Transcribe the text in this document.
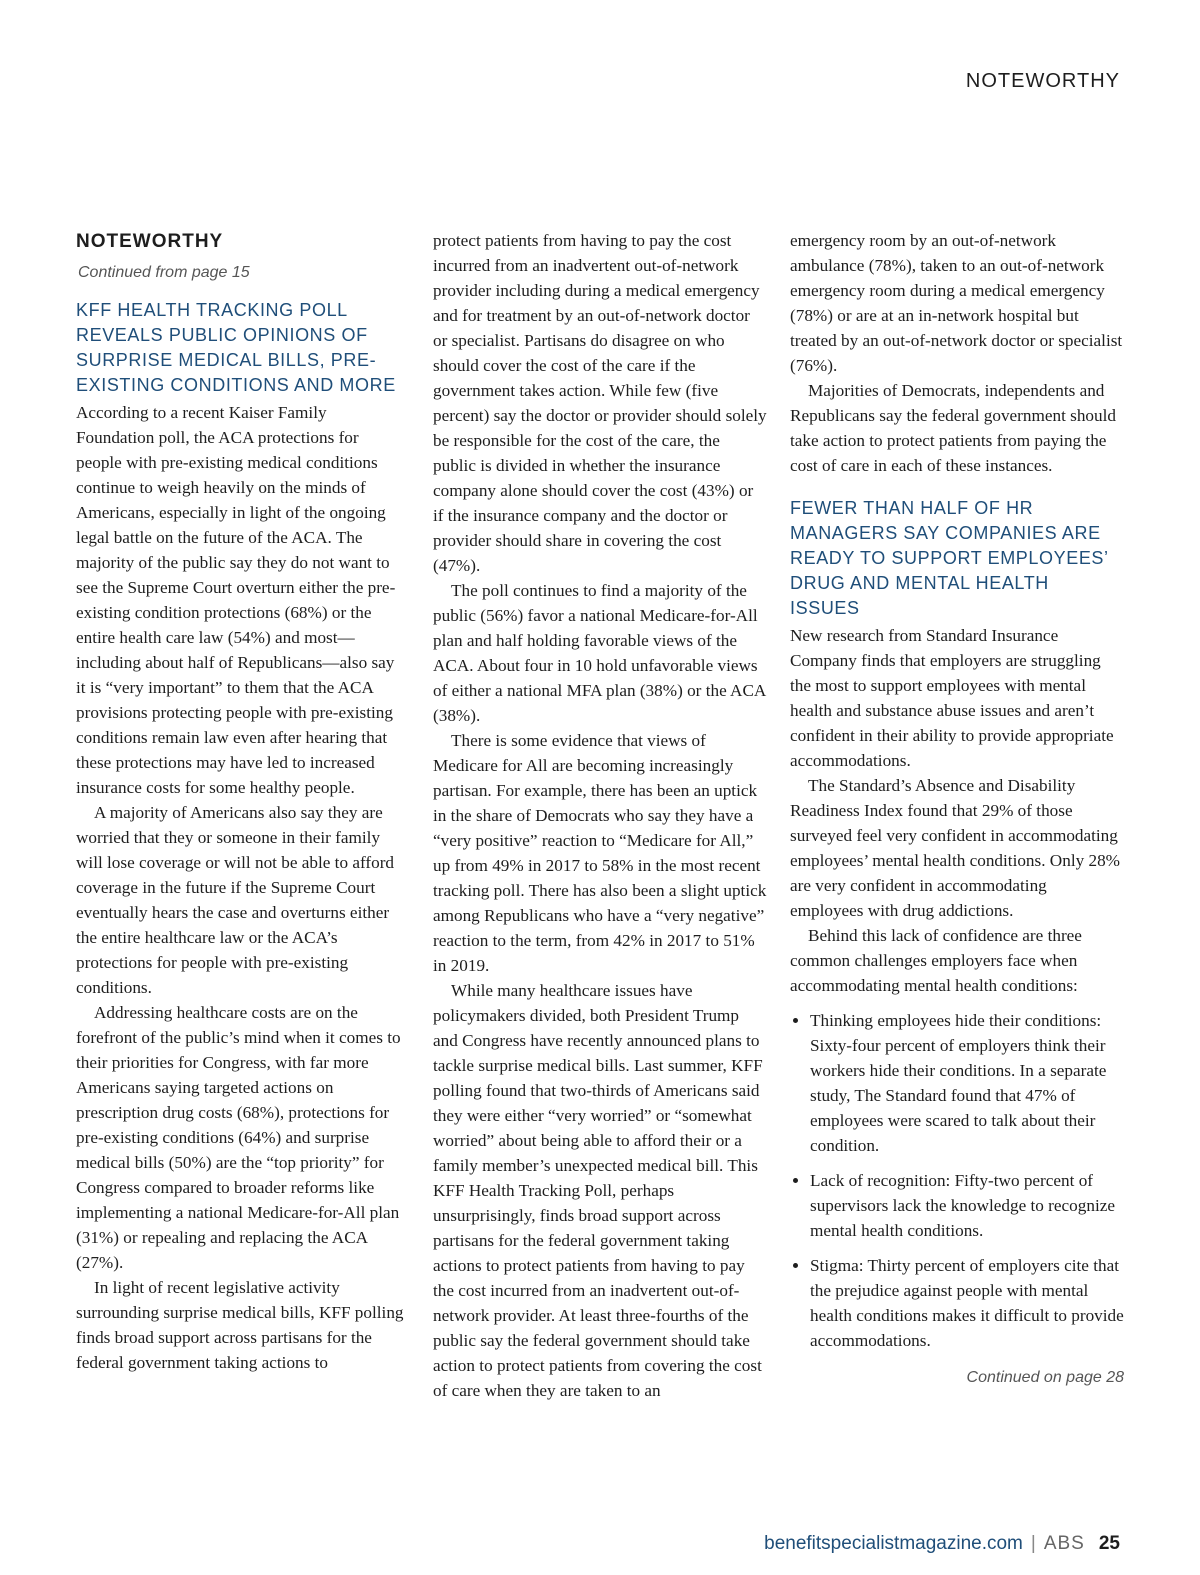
NOTEWORTHY
NOTEWORTHY
Continued from page 15
KFF HEALTH TRACKING POLL REVEALS PUBLIC OPINIONS OF SURPRISE MEDICAL BILLS, PRE-EXISTING CONDITIONS AND MORE

According to a recent Kaiser Family Foundation poll, the ACA protections for people with pre-existing medical conditions continue to weigh heavily on the minds of Americans, especially in light of the ongoing legal battle on the future of the ACA. The majority of the public say they do not want to see the Supreme Court overturn either the pre-existing condition protections (68%) or the entire health care law (54%) and most—including about half of Republicans—also say it is “very important” to them that the ACA provisions protecting people with pre-existing conditions remain law even after hearing that these protections may have led to increased insurance costs for some healthy people.

A majority of Americans also say they are worried that they or someone in their family will lose coverage or will not be able to afford coverage in the future if the Supreme Court eventually hears the case and overturns either the entire healthcare law or the ACA’s protections for people with pre-existing conditions.

Addressing healthcare costs are on the forefront of the public’s mind when it comes to their priorities for Congress, with far more Americans saying targeted actions on prescription drug costs (68%), protections for pre-existing conditions (64%) and surprise medical bills (50%) are the “top priority” for Congress compared to broader reforms like implementing a national Medicare-for-All plan (31%) or repealing and replacing the ACA (27%).

In light of recent legislative activity surrounding surprise medical bills, KFF polling finds broad support across partisans for the federal government taking actions to

protect patients from having to pay the cost incurred from an inadvertent out-of-network provider including during a medical emergency and for treatment by an out-of-network doctor or specialist. Partisans do disagree on who should cover the cost of the care if the government takes action. While few (five percent) say the doctor or provider should solely be responsible for the cost of the care, the public is divided in whether the insurance company alone should cover the cost (43%) or if the insurance company and the doctor or provider should share in covering the cost (47%).

The poll continues to find a majority of the public (56%) favor a national Medicare-for-All plan and half holding favorable views of the ACA. About four in 10 hold unfavorable views of either a national MFA plan (38%) or the ACA (38%).

There is some evidence that views of Medicare for All are becoming increasingly partisan. For example, there has been an uptick in the share of Democrats who say they have a “very positive” reaction to “Medicare for All,” up from 49% in 2017 to 58% in the most recent tracking poll. There has also been a slight uptick among Republicans who have a “very negative” reaction to the term, from 42% in 2017 to 51% in 2019.

While many healthcare issues have policymakers divided, both President Trump and Congress have recently announced plans to tackle surprise medical bills. Last summer, KFF polling found that two-thirds of Americans said they were either “very worried” or “somewhat worried” about being able to afford their or a family member’s unexpected medical bill. This KFF Health Tracking Poll, perhaps unsurprisingly, finds broad support across partisans for the federal government taking actions to protect patients from having to pay the cost incurred from an inadvertent out-of-network provider. At least three-fourths of the public say the federal government should take action to protect patients from covering the cost of care when they are taken to an

emergency room by an out-of-network ambulance (78%), taken to an out-of-network emergency room during a medical emergency (78%) or are at an in-network hospital but treated by an out-of-network doctor or specialist (76%).

Majorities of Democrats, independents and Republicans say the federal government should take action to protect patients from paying the cost of care in each of these instances.

FEWER THAN HALF OF HR MANAGERS SAY COMPANIES ARE READY TO SUPPORT EMPLOYEES’ DRUG AND MENTAL HEALTH ISSUES

New research from Standard Insurance Company finds that employers are struggling the most to support employees with mental health and substance abuse issues and aren’t confident in their ability to provide appropriate accommodations.

The Standard’s Absence and Disability Readiness Index found that 29% of those surveyed feel very confident in accommodating employees’ mental health conditions. Only 28% are very confident in accommodating employees with drug addictions.

Behind this lack of confidence are three common challenges employers face when accommodating mental health conditions:

• Thinking employees hide their conditions: Sixty-four percent of employers think their workers hide their conditions. In a separate study, The Standard found that 47% of employees were scared to talk about their condition.
• Lack of recognition: Fifty-two percent of supervisors lack the knowledge to recognize mental health conditions.
• Stigma: Thirty percent of employers cite that the prejudice against people with mental health conditions makes it difficult to provide accommodations.
Continued on page 28
benefitspecialistmagazine.com | ABS 25
